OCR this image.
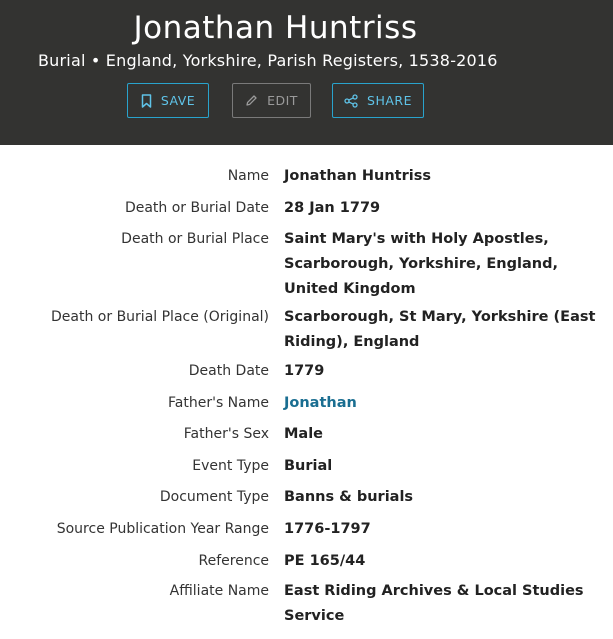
Jonathan Huntriss
Burial • England, Yorkshire, Parish Registers, 1538-2016
SAVE	EDIT	SHARE
Name Jonathan Huntriss
Death or Burial Date 28 Jan 1779
Death or Burial Place Saint Mary's with Holy Apostles, Scarborough, Yorkshire, England, United Kingdom
Death or Burial Place (Original) Scarborough, St Mary, Yorkshire (East Riding), England
Death Date 1779
Father's Name Jonathan
Father's Sex Male
Event Type Burial
Document Type Banns & burials
Source Publication Year Range 1776-1797
Reference PE 165/44
Affiliate Name East Riding Archives & Local Studies Service
